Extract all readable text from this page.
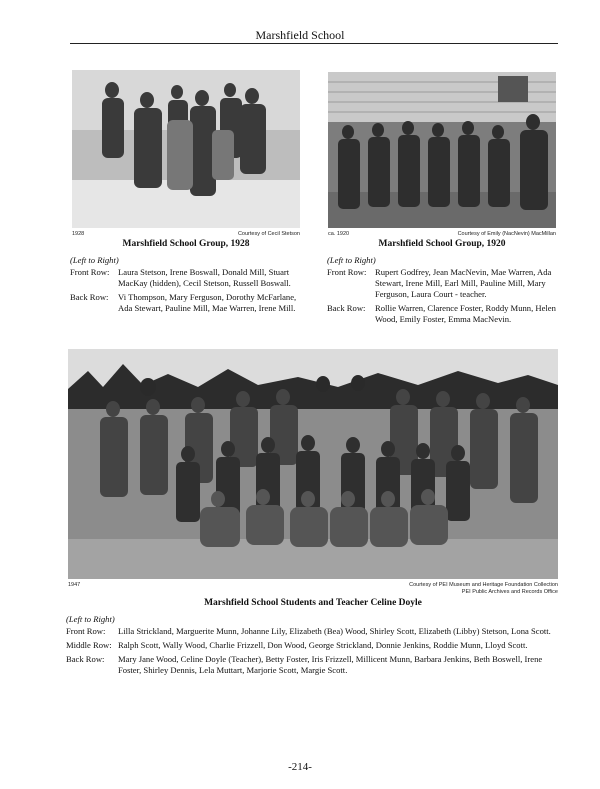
Marshfield School
1928	Courtesy of Cecil Stetson
Marshfield School Group, 1928
(Left to Right)
Front Row: Laura Stetson, Irene Boswall, Donald Mill, Stuart MacKay (hidden), Cecil Stetson, Russell Boswall.
Back Row:	Vi Thompson, Mary Ferguson, Dorothy McFarlane, Ada Stewart, Pauline Mill, Mae Warren, Irene Mill.
ca. 1920	Courtesy of Emily (NacNevin) MacMillan
Marshfield School Group, 1920
(Left to Right)
Front Row: Rupert Godfrey, Jean MacNevin, Mae Warren, Ada Stewart, Irene Mill, Earl Mill, Pauline Mill, Mary Ferguson, Laura Court - teacher.
Back Row:	Rollie Warren, Clarence Foster, Roddy Munn, Helen Wood, Emily Foster, Emma MacNevin.
1947	Courtesy of PEI Museum and Heritage Foundation Collection
PEI Public Archives and Records Office
Marshfield School Students and Teacher Celine Doyle
(Left to Right)
Front Row:	Lilla Strickland, Marguerite Munn, Johanne Lily, Elizabeth (Bea) Wood, Shirley Scott, Elizabeth (Libby) Stetson, Lona Scott.
Middle Row: Ralph Scott, Wally Wood, Charlie Frizzell, Don Wood, George Strickland, Donnie Jenkins, Roddie Munn, Lloyd Scott.
Back Row:	Mary Jane Wood, Celine Doyle (Teacher), Betty Foster, Iris Frizzell, Millicent Munn, Barbara Jenkins, Beth Boswell, Irene Foster, Shirley Dennis, Lela Muttart, Marjorie Scott, Margie Scott.
-214-
